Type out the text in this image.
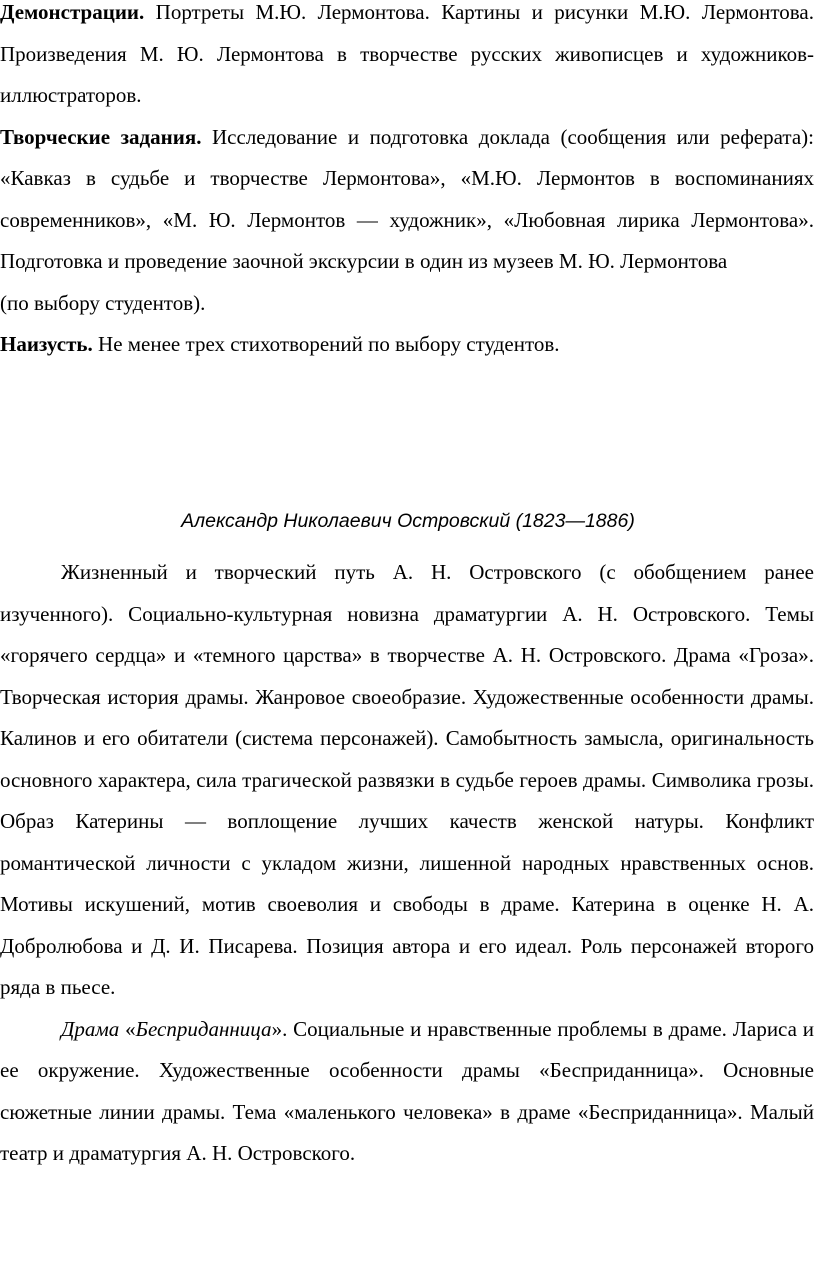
Демонстрации. Портреты М.Ю. Лермонтова. Картины и рисунки М.Ю. Лермонтова. Произведения М. Ю. Лермонтова в творчестве русских живописцев и художников- иллюстраторов.

Творческие задания. Исследование и подготовка доклада (сообщения или реферата): «Кавказ в судьбе и творчестве Лермонтова», «М.Ю. Лермонтов в воспоминаниях современников», «М. Ю. Лермонтов — художник», «Любовная лирика Лермонтова». Подготовка и проведение заочной экскурсии в один из музеев М. Ю. Лермонтова

(по выбору студентов).

Наизусть. Не менее трех стихотворений по выбору студентов.

Александр Николаевич Островский (1823—1886)

Жизненный и творческий путь А. Н. Островского (с обобщением ранее изученного). Социально-культурная новизна драматургии А. Н. Островского. Темы «горячего сердца» и «темного царства» в творчестве А. Н. Островского. Драма «Гроза». Творческая история драмы. Жанровое своеобразие. Художественные особенности драмы. Калинов и его обитатели (система персонажей). Самобытность замысла, оригинальность основного характера, сила трагической развязки в судьбе героев драмы. Символика грозы. Образ Катерины — воплощение лучших качеств женской натуры. Конфликт романтической личности с укладом жизни, лишенной народных нравственных основ. Мотивы искушений, мотив своеволия и свободы в драме. Катерина в оценке Н. А. Добролюбова и Д. И. Писарева. Позиция автора и его идеал. Роль персонажей второго ряда в пьесе.

Драма «Бесприданница». Социальные и нравственные проблемы в драме. Лариса и ее окружение. Художественные особенности драмы «Бесприданница». Основные сюжетные линии драмы. Тема «маленького человека» в драме «Бесприданница». Малый театр и драматургия А. Н. Островского.
